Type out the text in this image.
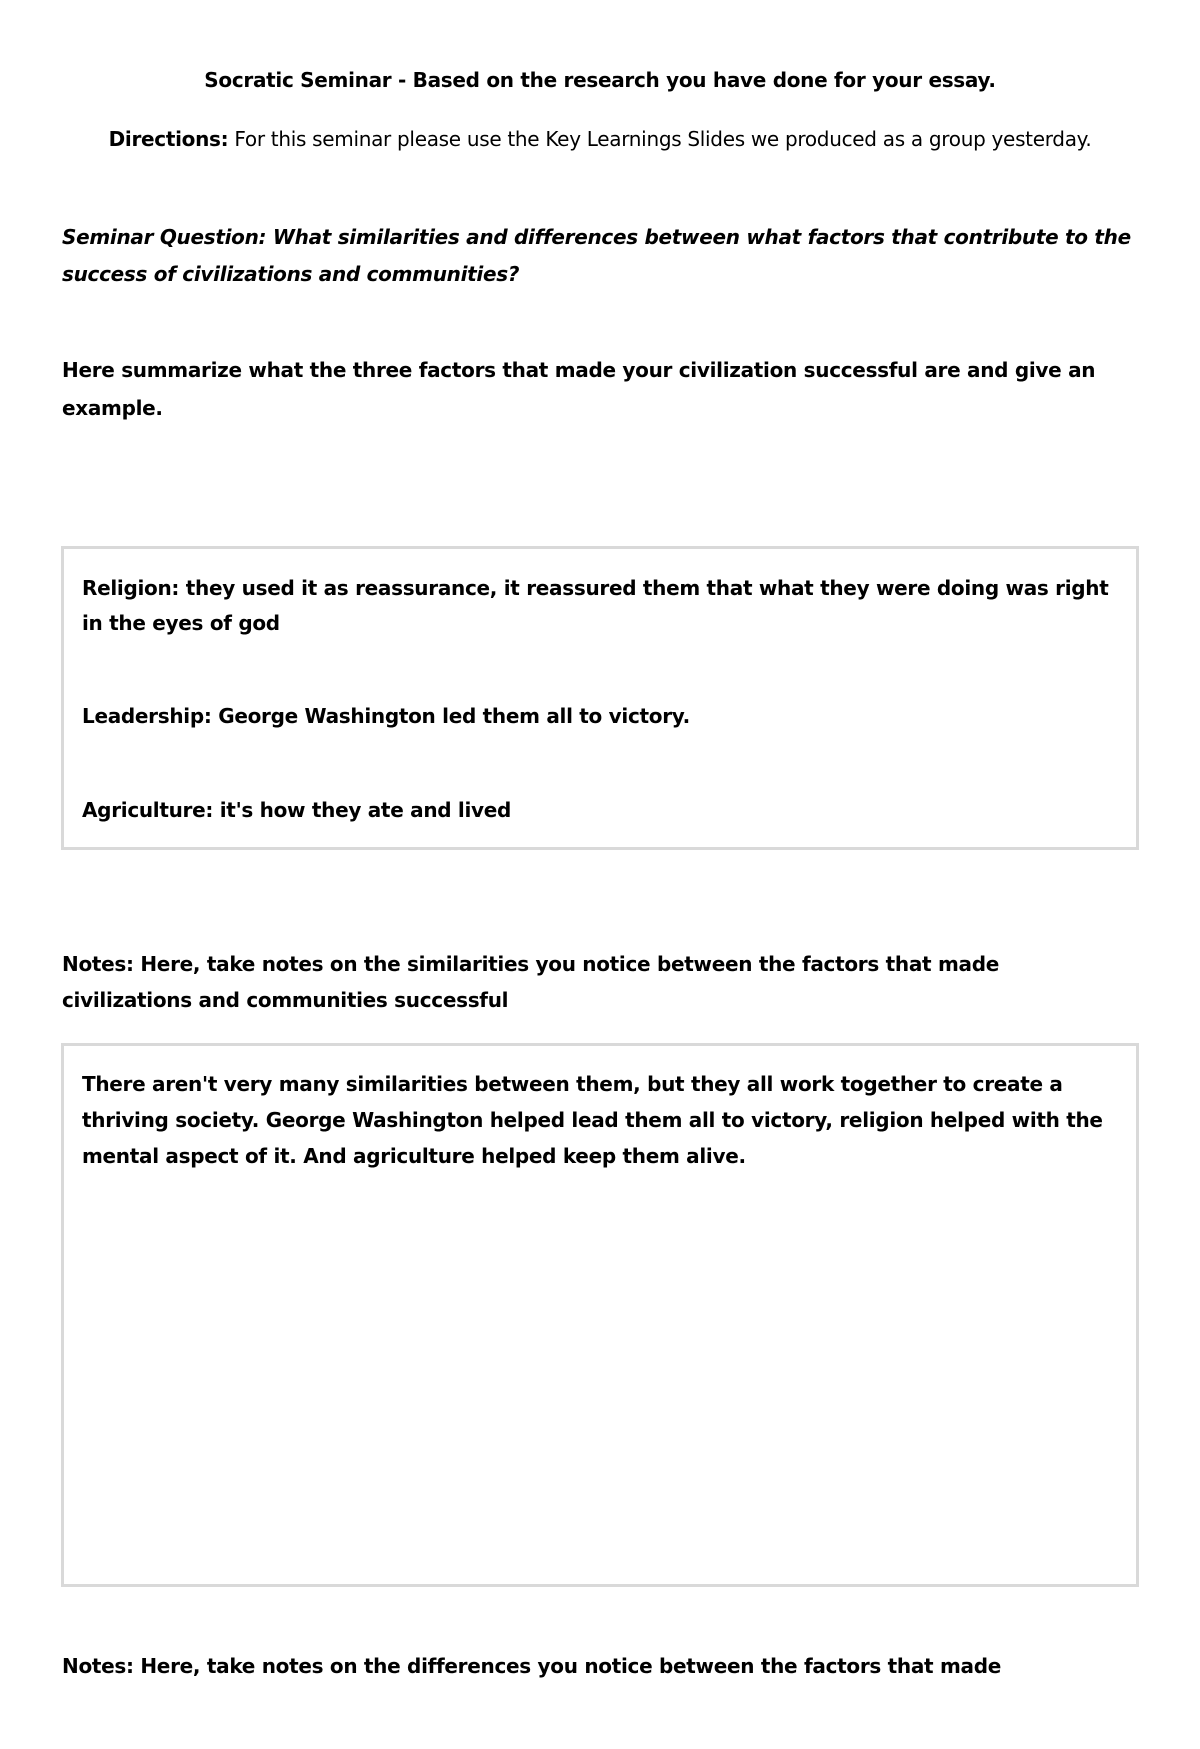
Socratic Seminar - Based on the research you have done for your essay.
Directions: For this seminar please use the Key Learnings Slides we produced as a group yesterday.
Seminar Question: What similarities and differences between what factors that contribute to the success of civilizations and communities?
Here summarize what the three factors that made your civilization successful are and give an example.
Religion: they used it as reassurance, it reassured them that what they were doing was right in the eyes of god
Leadership: George Washington led them all to victory.
Agriculture: it's how they ate and lived
Notes: Here, take notes on the similarities you notice between the factors that made civilizations and communities successful
There aren't very many similarities between them, but they all work together to create a thriving society. George Washington helped lead them all to victory, religion helped with the mental aspect of it. And agriculture helped keep them alive.
Notes: Here, take notes on the differences you notice between the factors that made
